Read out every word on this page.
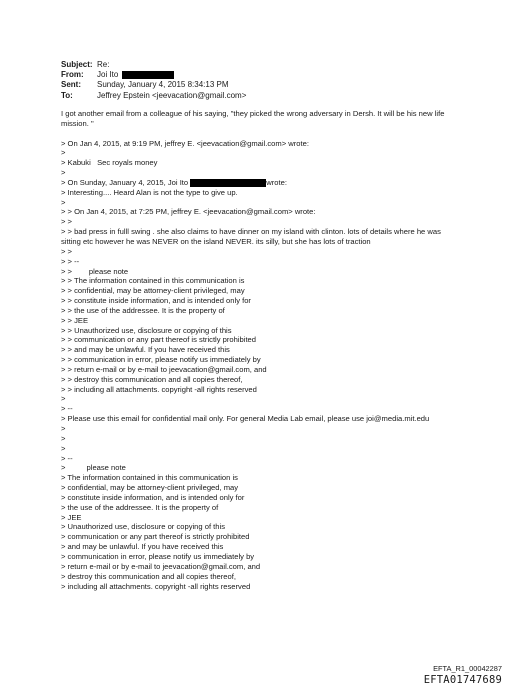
Subject: Re:
From:	Joi Ito
Sent:	Sunday, January 4, 2015 8:34:13 PM
To:	Jeffrey Epstein <jeevacation@gmail.com>
I got another email from a colleague of his saying, "they picked the wrong adversary in Dersh. It will be his new life mission. "
> On Jan 4, 2015, at 9:19 PM, jeffrey E. <jeevacation@gmail.com> wrote:
>
> Kabuki   Sec royals money
>
> On Sunday, January 4, 2015, Joi Ito	wrote:
> Interesting.... Heard Alan is not the type to give up.
>
> > On Jan 4, 2015, at 7:25 PM, jeffrey E. <jeevacation@gmail.com> wrote:
> >
> > bad press in fulll swing . she also claims to have dinner on my island with clinton. lots of details where he was sitting etc however he was NEVER on the island NEVER. its silly, but she has lots of traction
> >
> > --
> >        please note
> > The information contained in this communication is
> > confidential, may be attorney-client privileged, may
> > constitute inside information, and is intended only for
> > the use of the addressee. It is the property of
> > JEE
> > Unauthorized use, disclosure or copying of this
> > communication or any part thereof is strictly prohibited
> > and may be unlawful. If you have received this
> > communication in error, please notify us immediately by
> > return e-mail or by e-mail to jeevacation@gmail.com, and
> > destroy this communication and all copies thereof,
> > including all attachments. copyright -all rights reserved
>
> --
> Please use this email for confidential mail only. For general Media Lab email, please use joi@media.mit.edu
>
>
>
> --
>          please note
> The information contained in this communication is
> confidential, may be attorney-client privileged, may
> constitute inside information, and is intended only for
> the use of the addressee. It is the property of
> JEE
> Unauthorized use, disclosure or copying of this
> communication or any part thereof is strictly prohibited
> and may be unlawful. If you have received this
> communication in error, please notify us immediately by
> return e-mail or by e-mail to jeevacation@gmail.com, and
> destroy this communication and all copies thereof,
> including all attachments. copyright -all rights reserved
EFTA_R1_00042287
EFTA01747689
